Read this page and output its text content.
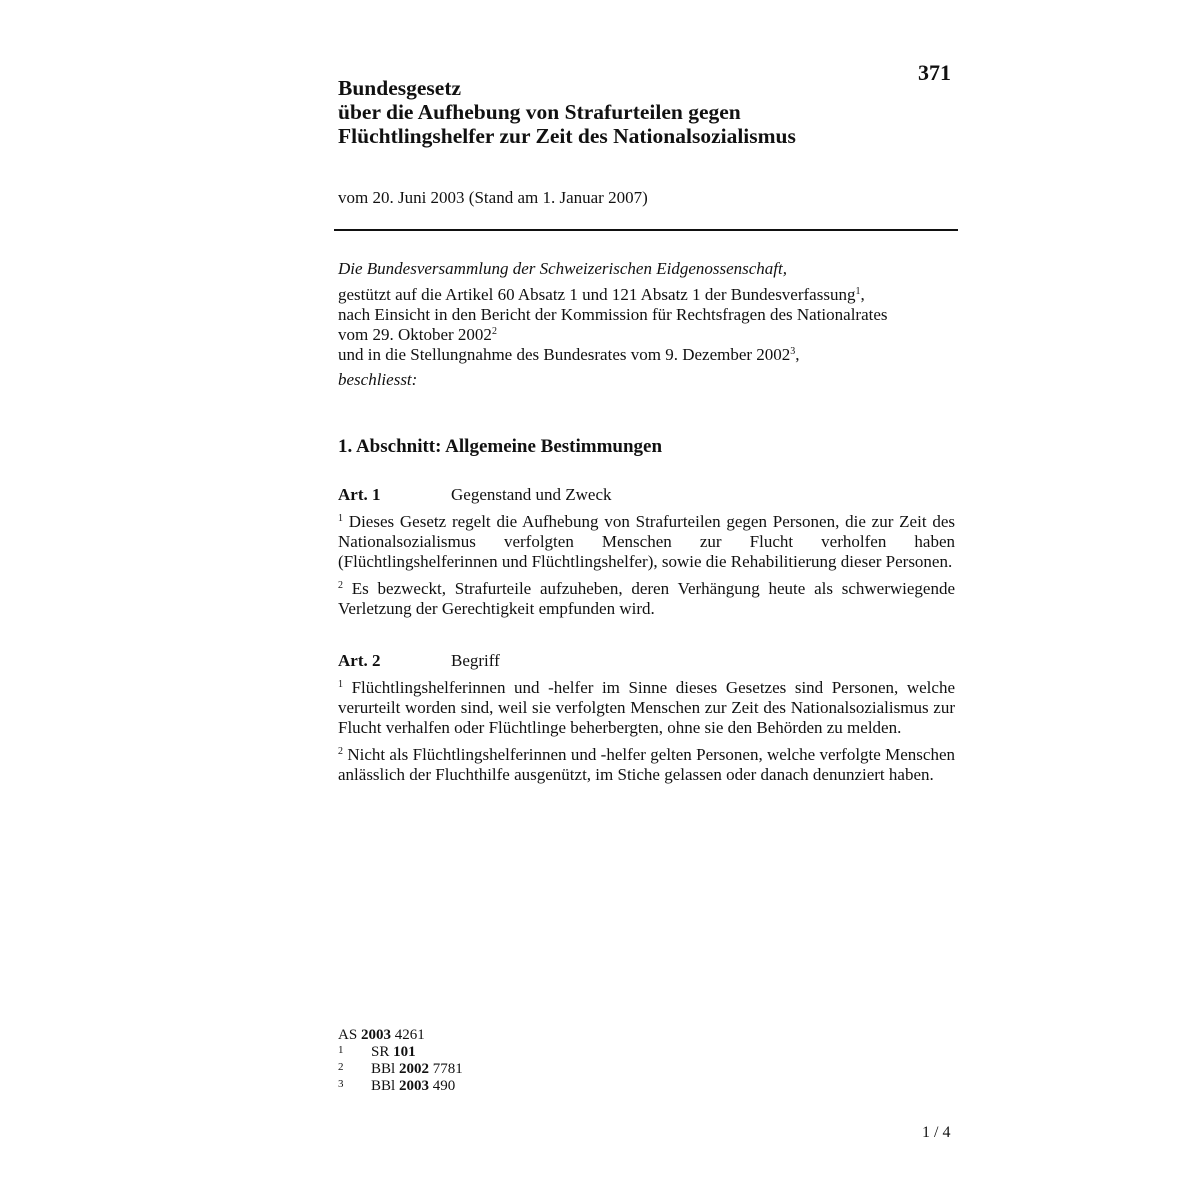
371
Bundesgesetz
über die Aufhebung von Strafurteilen gegen
Flüchtlingshelfer zur Zeit des Nationalsozialismus
vom 20. Juni 2003 (Stand am 1. Januar 2007)
Die Bundesversammlung der Schweizerischen Eidgenossenschaft,
gestützt auf die Artikel 60 Absatz 1 und 121 Absatz 1 der Bundesverfassung$^1$,
nach Einsicht in den Bericht der Kommission für Rechtsfragen des Nationalrates
vom 29. Oktober 2002$^2$
und in die Stellungnahme des Bundesrates vom 9. Dezember 2002$^3$,
beschliesst:
1. Abschnitt: Allgemeine Bestimmungen
Art. 1	Gegenstand und Zweck

$^1$ Dieses Gesetz regelt die Aufhebung von Strafurteilen gegen Personen, die zur Zeit des Nationalsozialismus verfolgten Menschen zur Flucht verholfen haben (Flüchtlingshelferinnen und Flüchtlingshelfer), sowie die Rehabilitierung dieser Personen.

$^2$ Es bezweckt, Strafurteile aufzuheben, deren Verhängung heute als schwerwiegende Verletzung der Gerechtigkeit empfunden wird.

Art. 2	Begriff

$^1$ Flüchtlingshelferinnen und -helfer im Sinne dieses Gesetzes sind Personen, welche verurteilt worden sind, weil sie verfolgten Menschen zur Zeit des Nationalsozialismus zur Flucht verhalfen oder Flüchtlinge beherbergten, ohne sie den Behörden zu melden.

$^2$ Nicht als Flüchtlingshelferinnen und -helfer gelten Personen, welche verfolgte Menschen anlässlich der Fluchthilfe ausgenützt, im Stiche gelassen oder danach denunziert haben.

AS 2003 4261
1	SR 101
2	BBl 2002 7781
3	BBl 2003 490
1 / 4
